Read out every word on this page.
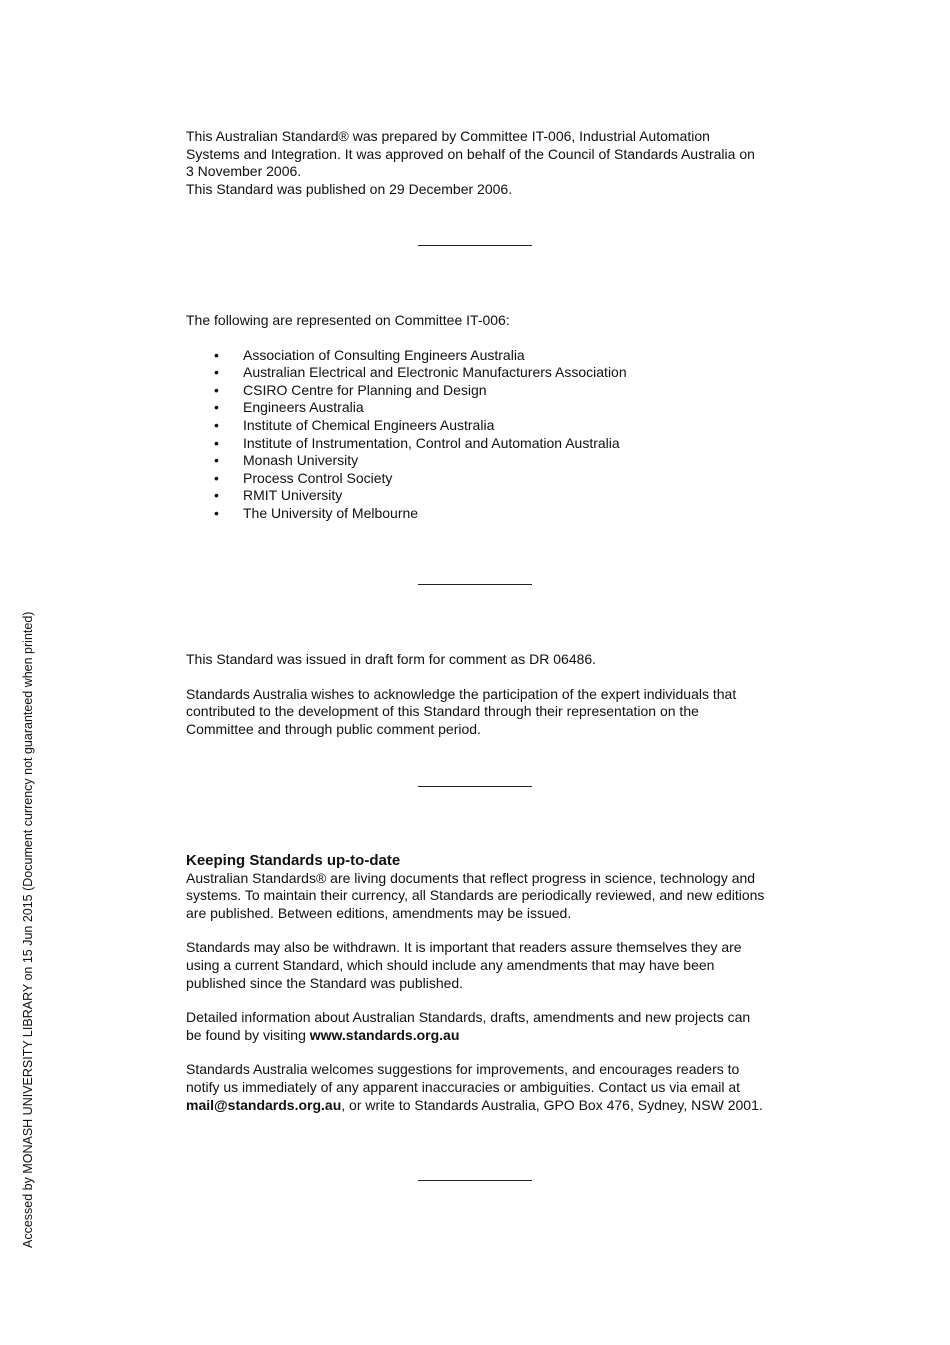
This Australian Standard® was prepared by Committee IT-006, Industrial Automation

Systems and Integration. It was approved on behalf of the Council of Standards Australia on

3 November 2006.

This Standard was published on 29 December 2006.

The following are represented on Committee IT-006:

• Association of Consulting Engineers Australia
• Australian Electrical and Electronic Manufacturers Association
• CSIRO Centre for Planning and Design
• Engineers Australia
• Institute of Chemical Engineers Australia
• Institute of Instrumentation, Control and Automation Australia
• Monash University
• Process Control Society
• RMIT University
• The University of Melbourne

This Standard was issued in draft form for comment as DR 06486.

Standards Australia wishes to acknowledge the participation of the expert individuals that

contributed to the development of this Standard through their representation on the

Committee and through public comment period.

Keeping Standards up-to-date

Australian Standards® are living documents that reflect progress in science, technology and

systems. To maintain their currency, all Standards are periodically reviewed, and new editions

are published. Between editions, amendments may be issued.

Standards may also be withdrawn. It is important that readers assure themselves they are

using a current Standard, which should include any amendments that may have been

published since the Standard was published.

Detailed information about Australian Standards, drafts, amendments and new projects can

be found by visiting www.standards.org.au

Standards Australia welcomes suggestions for improvements, and encourages readers to

notify us immediately of any apparent inaccuracies or ambiguities. Contact us via email at

mail@standards.org.au, or write to Standards Australia, GPO Box 476, Sydney, NSW 2001.

Accessed by MONASH UNIVERSITY LIBRARY on 15 Jun 2015 (Document currency not guaranteed when printed)
